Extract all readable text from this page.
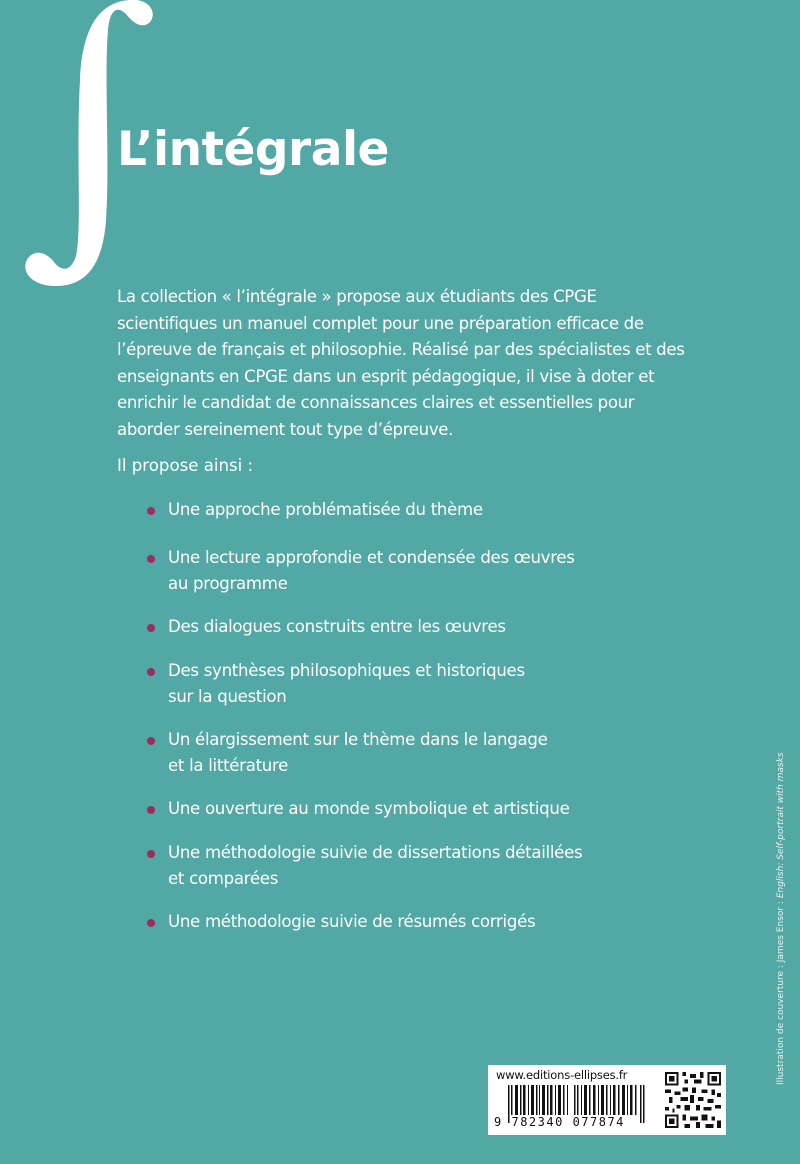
L’intégrale

La collection « l’intégrale » propose aux étudiants des CPGE scientifiques un manuel complet pour une préparation efficace de l’épreuve de français et philosophie. Réalisé par des spécialistes et des enseignants en CPGE dans un esprit pédagogique, il vise à doter et enrichir le candidat de connaissances claires et essentielles pour aborder sereinement tout type d’épreuve.

Il propose ainsi :

Une approche problématisée du thème
Une lecture approfondie et condensée des œuvres
au programme
Des dialogues construits entre les œuvres
Des synthèses philosophiques et historiques
sur la question
Un élargissement sur le thème dans le langage
et la littérature
Une ouverture au monde symbolique et artistique
Une méthodologie suivie de dissertations détaillées
et comparées
Une méthodologie suivie de résumés corrigés	Illustration de couverture : James Ensor : English: Self-portrait with masks
www.editions-ellipses.fr
9 782340 077874
